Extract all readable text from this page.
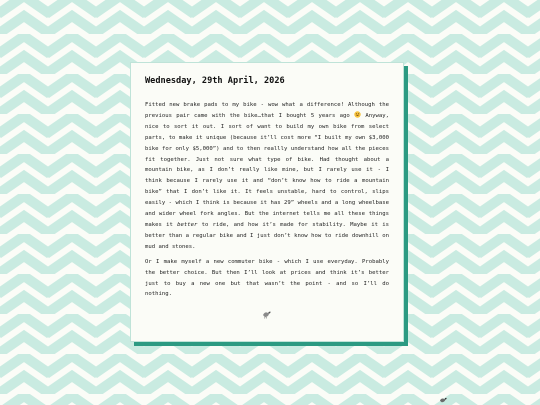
Wednesday, 29th April, 2026

Fitted new brake pads to my bike - wow what a difference! Although the previous pair came with the bike…that I bought 5 years ago  Anyway, nice to sort it out. I sort of want to build my own bike from select parts, to make it unique (because it’ll cost more “I built my own $3,000 bike for only $5,000”) and to then reallly understand how all the pieces fit together. Just not sure what type of bike. Had thought about a mountain bike, as I don’t really like mine, but I rarely use it - I think because I rarely use it and “don’t know how to ride a mountain bike” that I don’t like it. It feels unstable, hard to control, slips easily - which I think is because it has 29” wheels and a long wheelbase and wider wheel fork angles. But the internet tells me all these things makes it better to ride, and how it’s made for stability. Maybe it is better than a regular bike and I just don’t know how to ride downhill on mud and stones.

Or I make myself a new commuter bike - which I use everyday. Probably the better choice. But then I’ll look at prices and think it’s better just to buy a new one but that wasn’t the point - and so I’ll do nothing.
